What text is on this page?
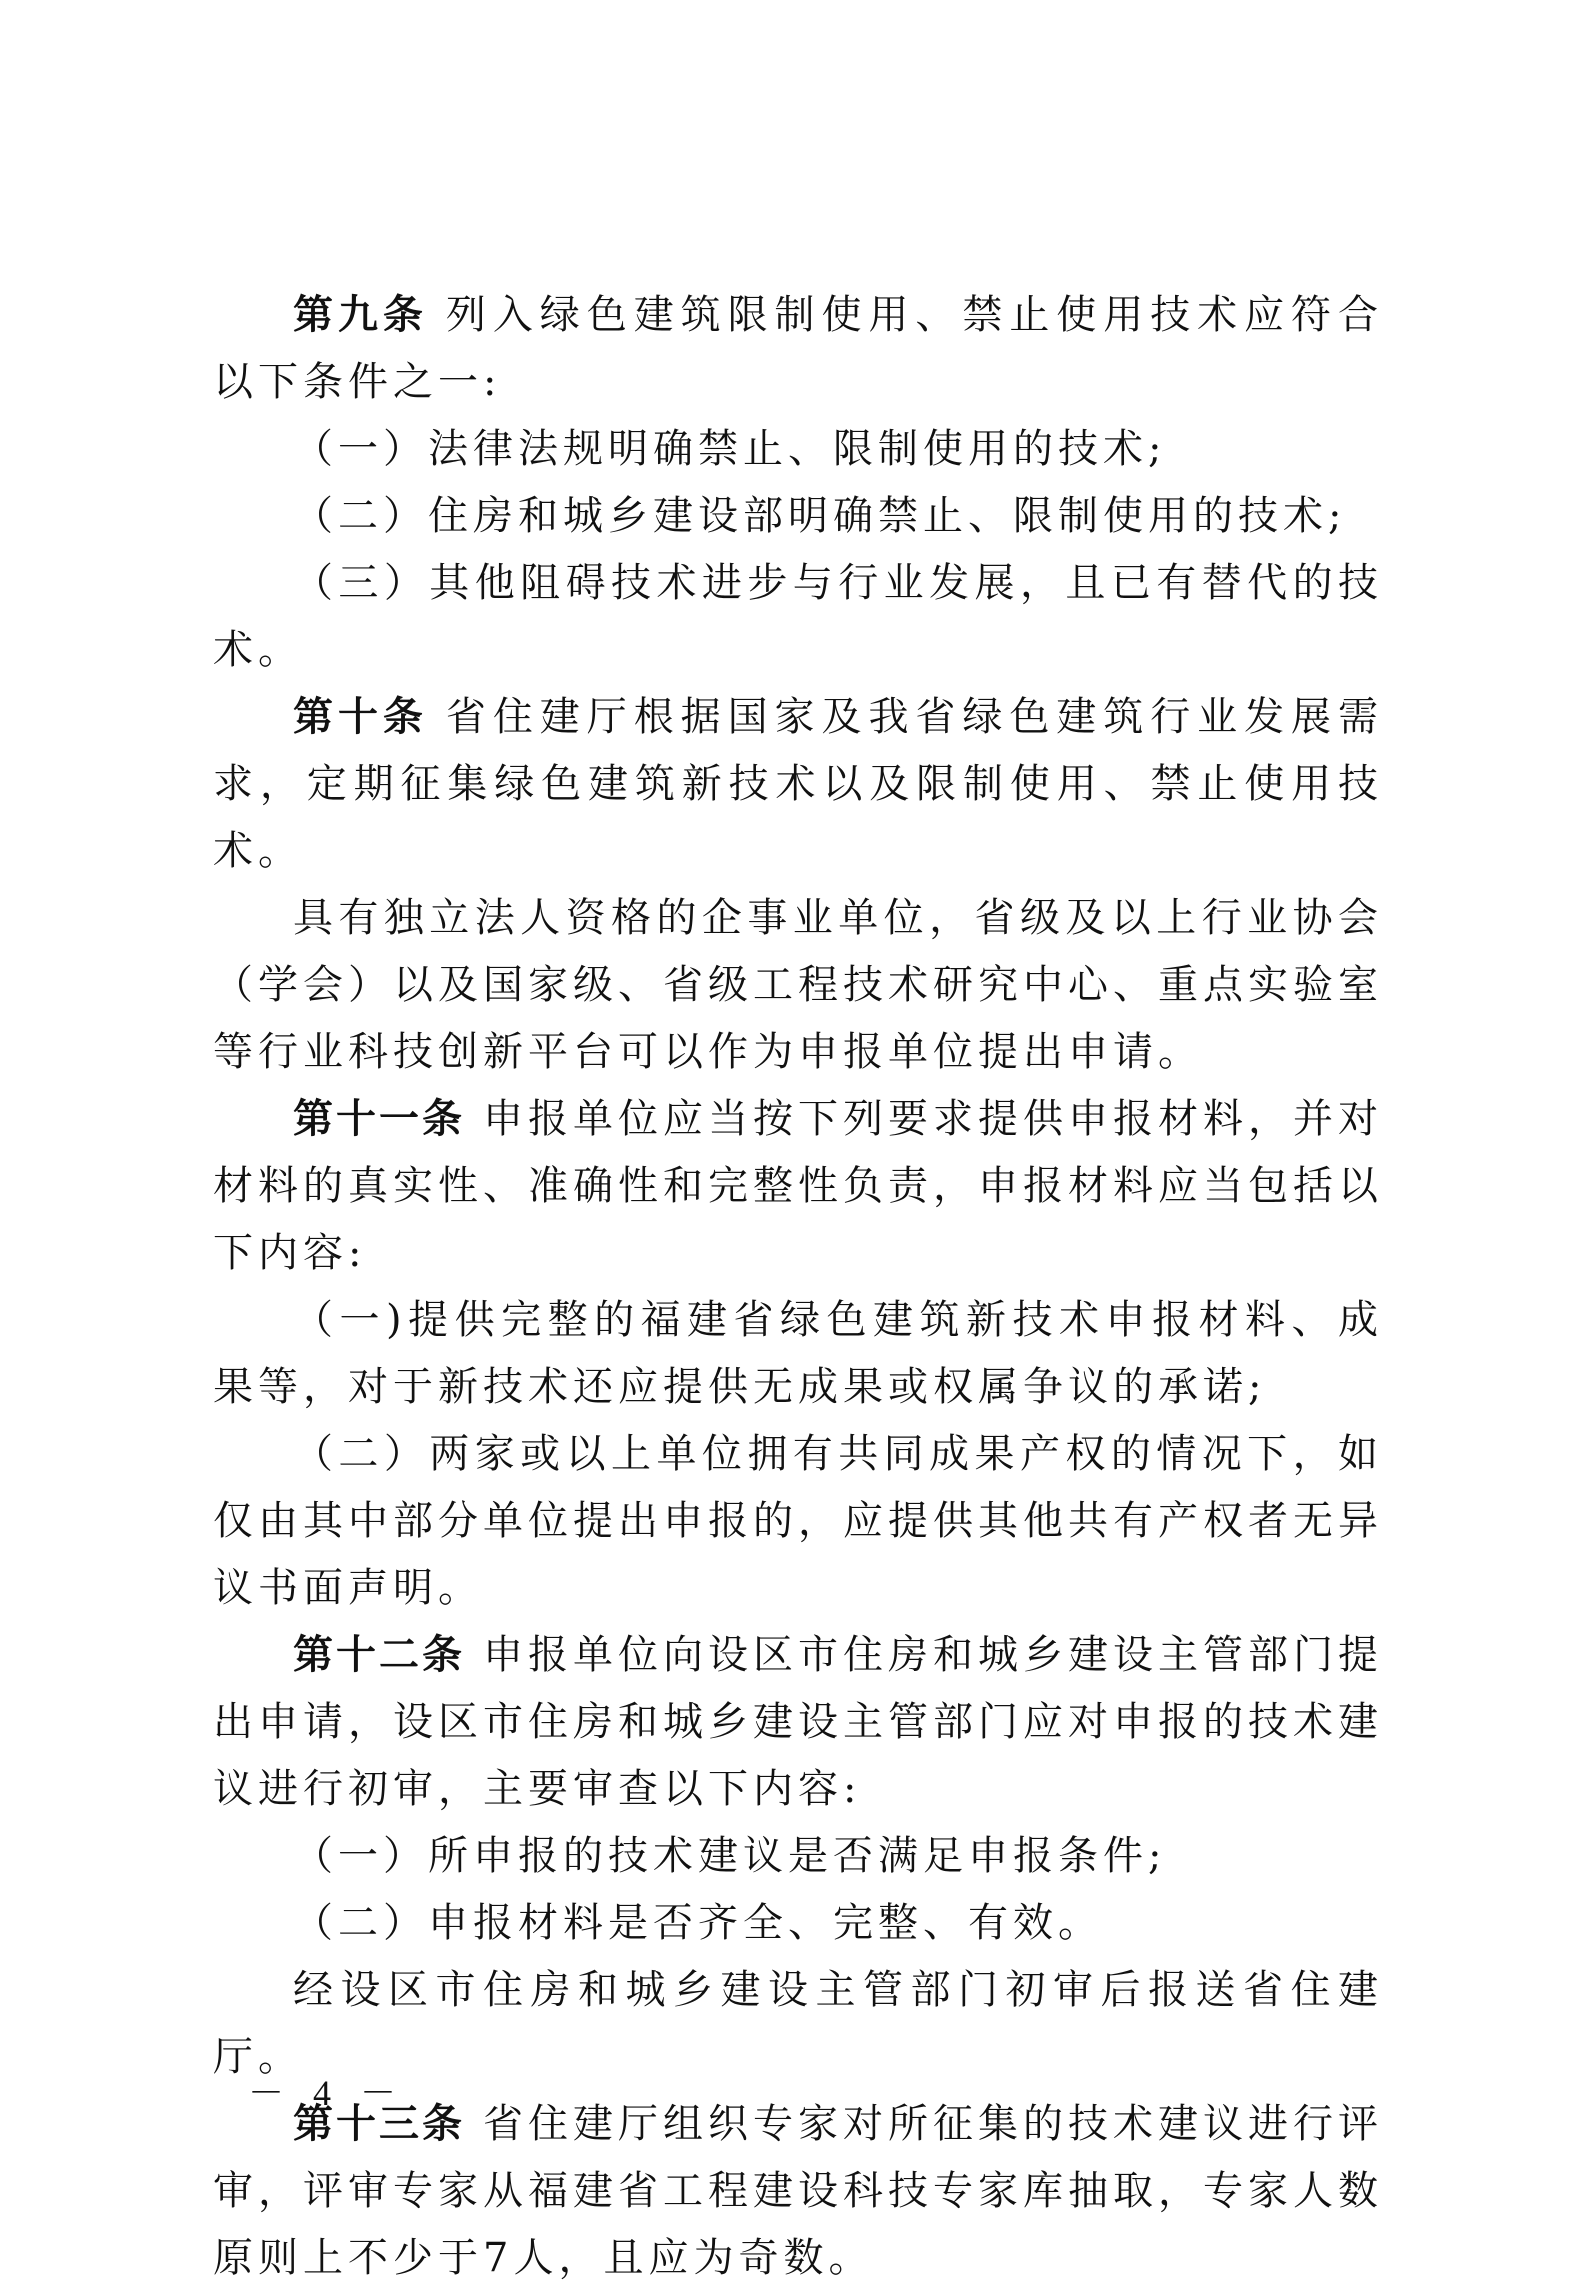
第九条 列入绿色建筑限制使用、禁止使用技术应符合以下条件之一:

（一）法律法规明确禁止、限制使用的技术;

（二）住房和城乡建设部明确禁止、限制使用的技术;

（三）其他阻碍技术进步与行业发展，且已有替代的技术。

第十条 省住建厅根据国家及我省绿色建筑行业发展需求，定期征集绿色建筑新技术以及限制使用、禁止使用技术。

具有独立法人资格的企事业单位，省级及以上行业协会（学会）以及国家级、省级工程技术研究中心、重点实验室等行业科技创新平台可以作为申报单位提出申请。

第十一条 申报单位应当按下列要求提供申报材料，并对材料的真实性、准确性和完整性负责，申报材料应当包括以下内容:

（一)提供完整的福建省绿色建筑新技术申报材料、成果等，对于新技术还应提供无成果或权属争议的承诺;

（二）两家或以上单位拥有共同成果产权的情况下，如仅由其中部分单位提出申报的，应提供其他共有产权者无异议书面声明。

第十二条 申报单位向设区市住房和城乡建设主管部门提出申请，设区市住房和城乡建设主管部门应对申报的技术建议进行初审，主要审查以下内容:

（一）所申报的技术建议是否满足申报条件;

（二）申报材料是否齐全、完整、有效。

经设区市住房和城乡建设主管部门初审后报送省住建厅。

第十三条 省住建厅组织专家对所征集的技术建议进行评审，评审专家从福建省工程建设科技专家库抽取，专家人数原则上不少于7人，且应为奇数。

－ 4 －
